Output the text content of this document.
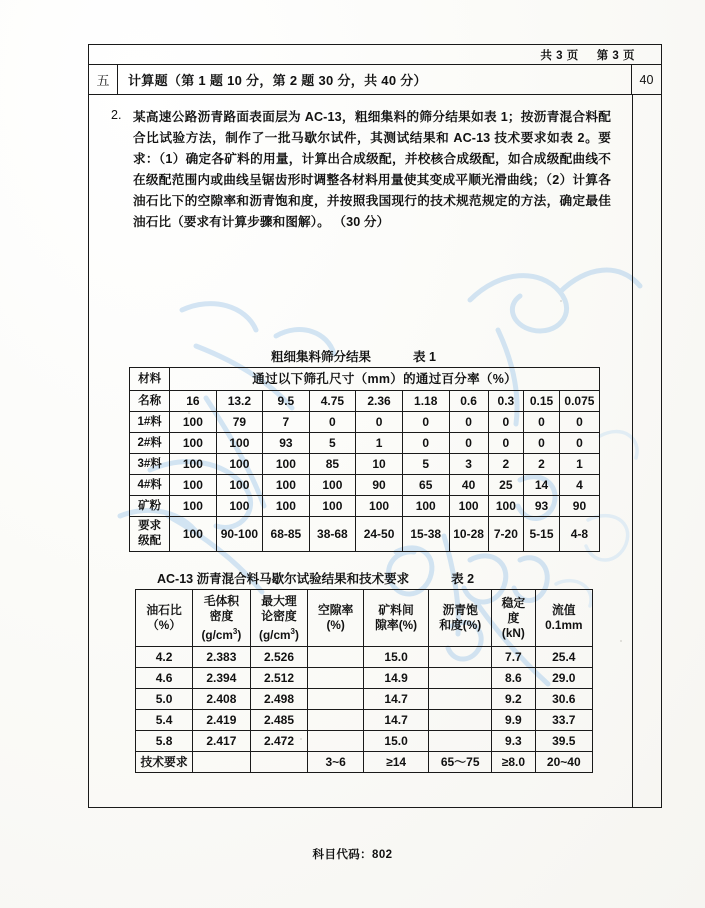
共 3 页 第 3 页
五	计算题（第 1 题 10 分，第 2 题 30 分，共 40 分）	40
2. 某高速公路沥青路面表面层为 AC-13，粗细集料的筛分结果如表 1；按沥青混合料配合比试验方法，制作了一批马歇尔试件，其测试结果和 AC-13 技术要求如表 2。要求：（1）确定各矿料的用量，计算出合成级配，并校核合成级配，如合成级配曲线不在级配范围内或曲线呈锯齿形时调整各材料用量使其变成平顺光滑曲线；（2）计算各油石比下的空隙率和沥青饱和度，并按照我国现行的技术规范规定的方法，确定最佳油石比（要求有计算步骤和图解）。 （30 分）
粗细集料筛分结果	表 1
材料	通过以下筛孔尺寸（mm）的通过百分率（%）									
名称	16	13.2	9.5	4.75	2.36	1.18	0.6	0.3	0.15	0.075
1#料	100	79	7	0	0	0	0	0	0	0
2#料	100	100	93	5	1	0	0	0	0	0
3#料	100	100	100	85	10	5	3	2	2	1
4#料	100	100	100	100	90	65	40	25	14	4
矿粉	100	100	100	100	100	100	100	100	93	90

要求
级配	100	90-100	68-85	38-68	24-50	15-38	10-28	7-20	5-15	4-8
AC-13 沥青混合料马歇尔试验结果和技术要求	表 2
油石比
（%）

毛体积
密度
$(g/cm^3)$

最大理
论密度
$(g/cm^3)$

空隙率
(%)

矿料间
隙率(%)

沥青饱
和度(%)

稳定
度
(kN)

流值
0.1mm

4.2	2.383	2.526		15.0		7.7	25.4
4.6	2.394	2.512		14.9		8.6	29.0
5.0	2.408	2.498		14.7		9.2	30.6
5.4	2.419	2.485		14.7		9.9	33.7
5.8	2.417	2.472		15.0		9.3	39.5
技术要求			3~6	≥14	65～75	≥8.0	20~40
科目代码：802
